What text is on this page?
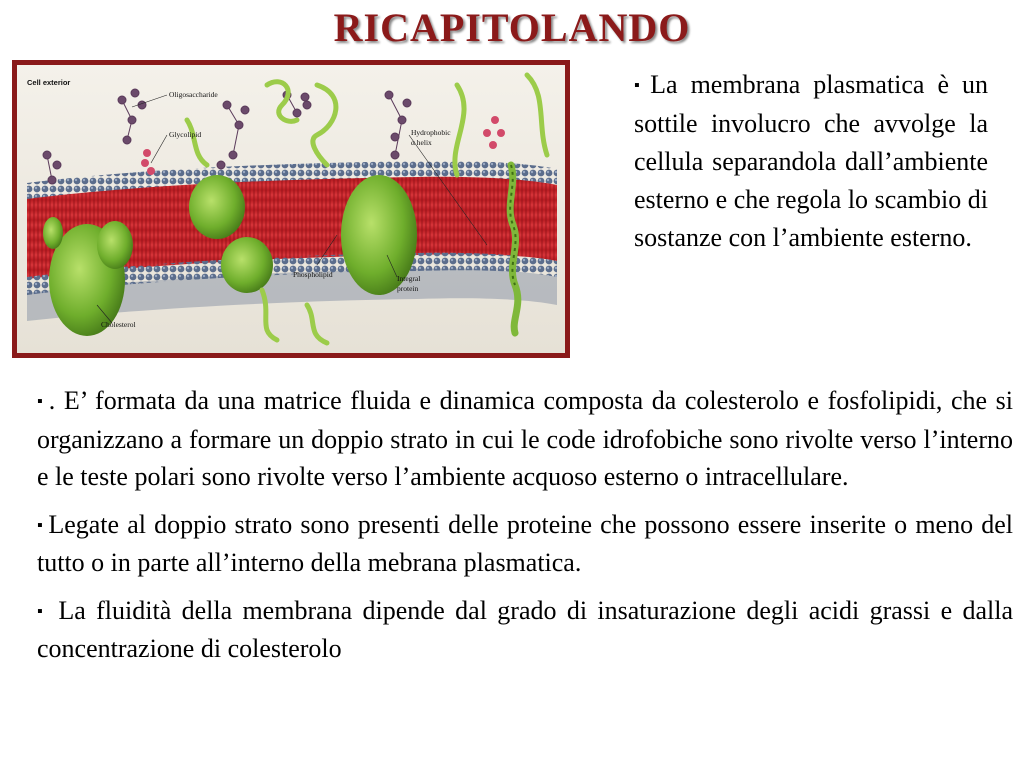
RICAPITOLANDO
Cell exterior
Oligosaccharide
Glycolipid	Hydrophobic
α helix
Phospholipid	Integral
protein
Cholesterol
▪ La membrana plasmatica è un sottile involucro che avvolge la cellula separandola dall’ambiente esterno e che regola lo scambio di sostanze con l’ambiente esterno.

▪ . E’ formata da una matrice fluida e dinamica composta da colesterolo e fosfolipidi, che si organizzano a formare un doppio strato in cui le code idrofobiche sono rivolte verso l’interno e le teste polari sono rivolte verso l’ambiente acquoso esterno o intracellulare.

▪ Legate al doppio strato sono presenti delle proteine che possono essere inserite o meno del tutto o in parte all’interno della mebrana plasmatica.

▪ La fluidità della membrana dipende dal grado di insaturazione degli acidi grassi e dalla concentrazione di colesterolo
